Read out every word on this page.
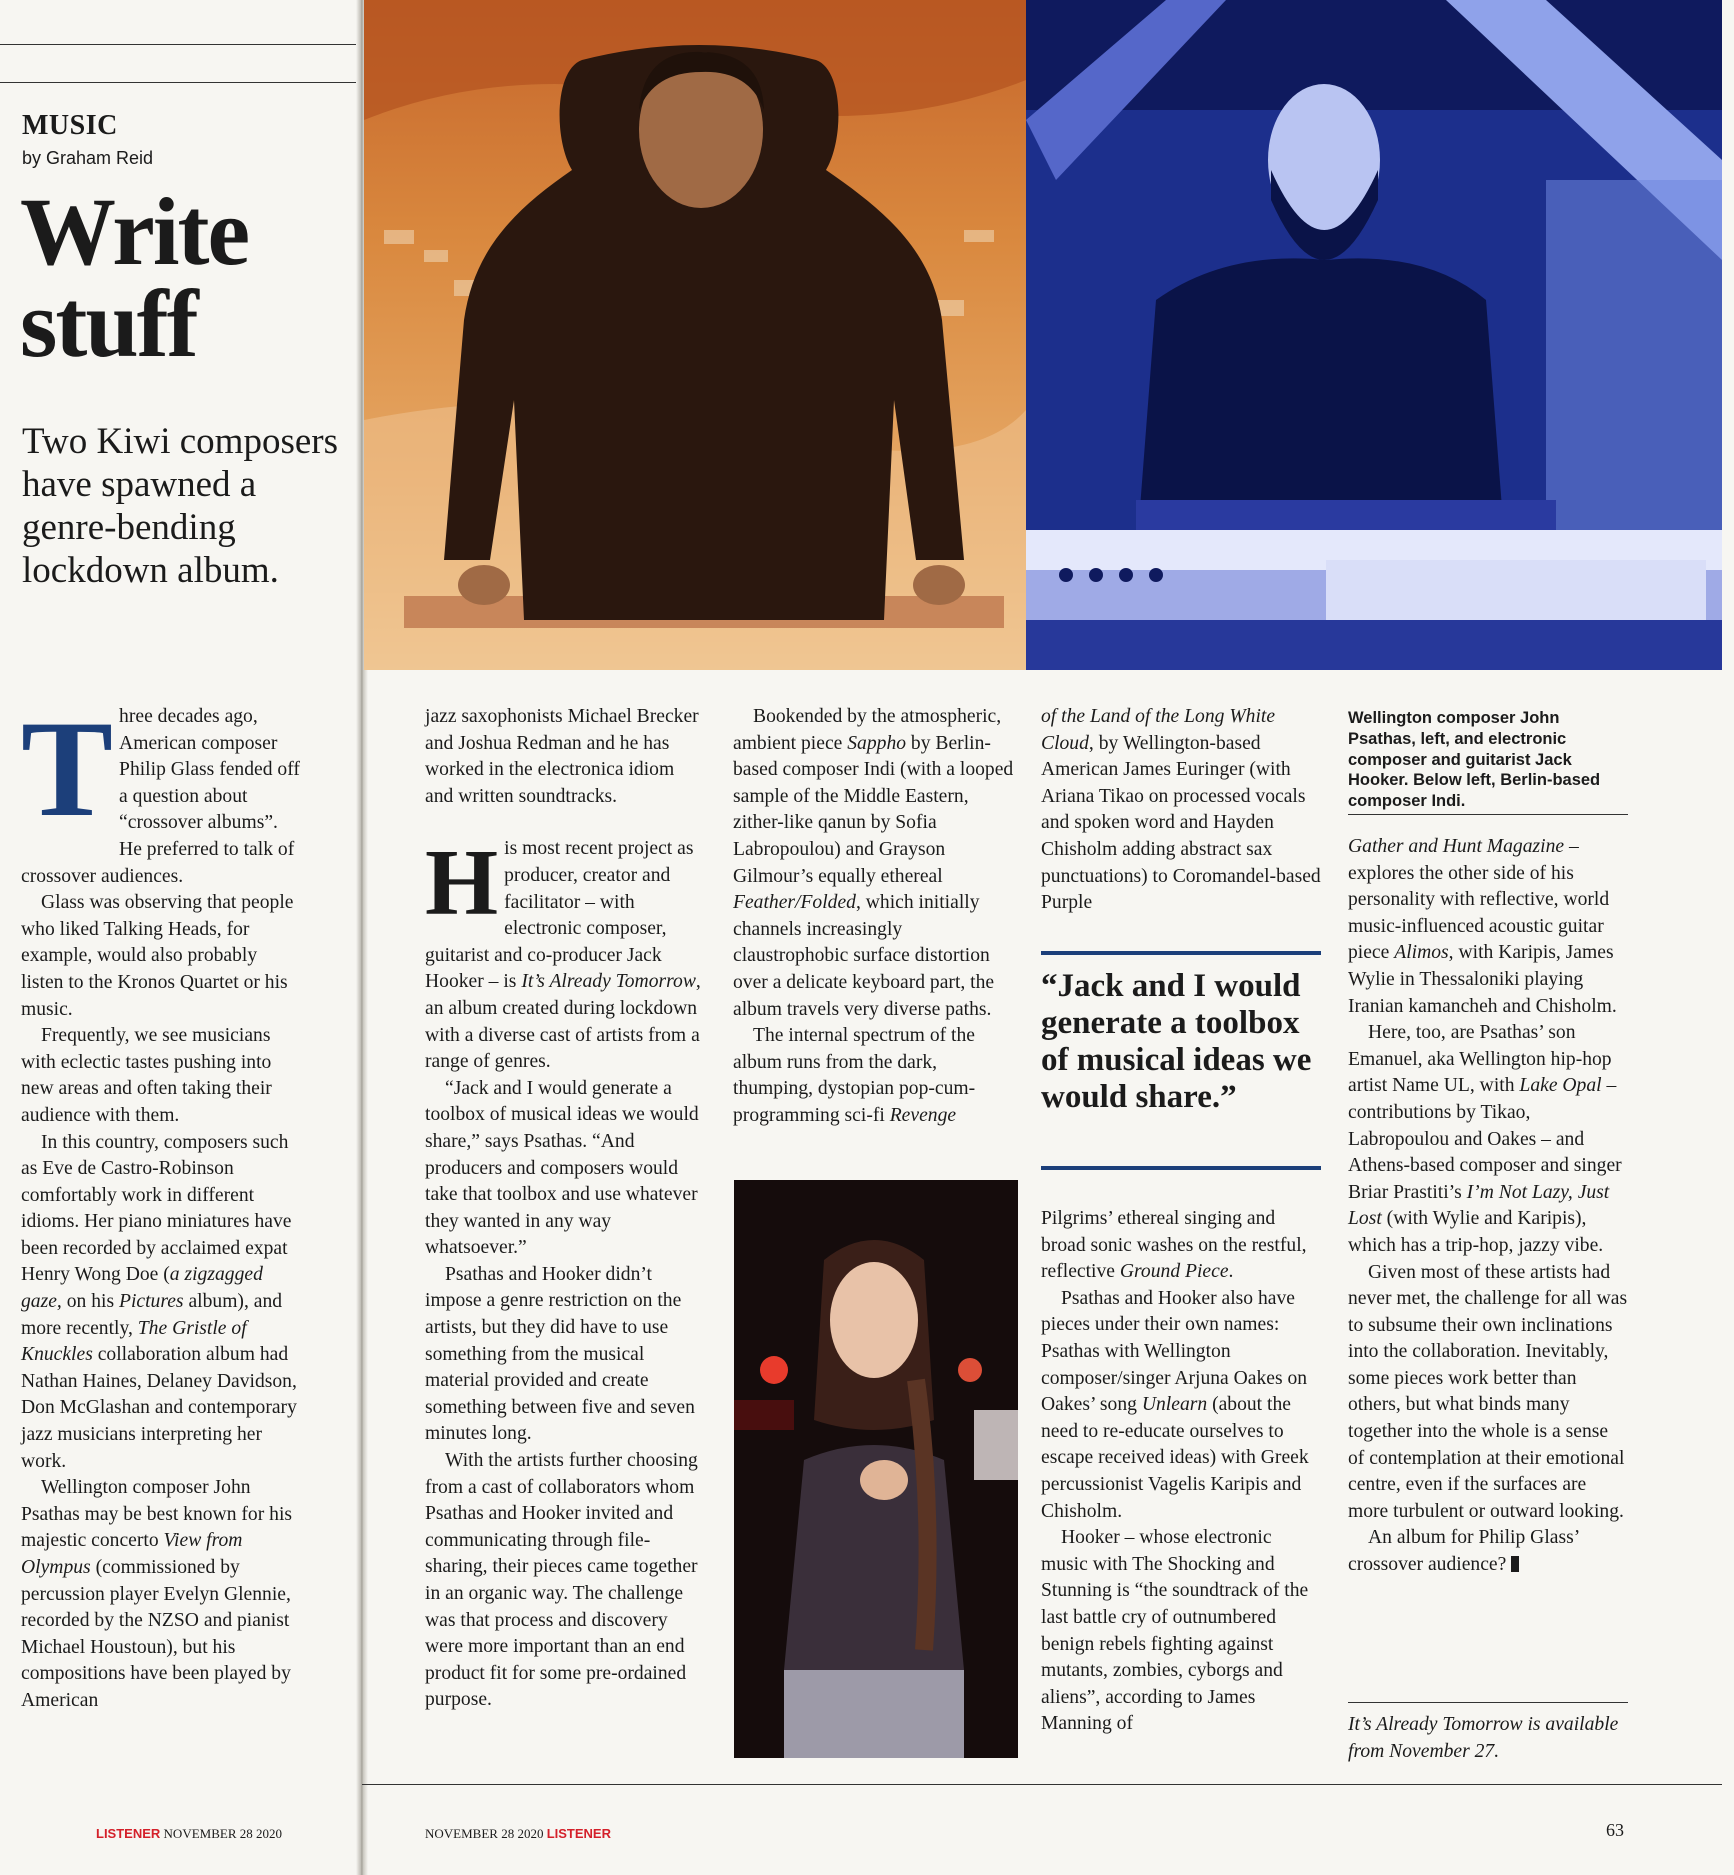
MUSIC
by Graham Reid
Write
stuff
Two Kiwi composers have spawned a genre-bending lockdown album.

Three decades ago, American composer Philip Glass fended off a question about “crossover albums”. He preferred to talk of crossover audiences.

Glass was observing that people who liked Talking Heads, for example, would also probably listen to the Kronos Quartet or his music.

Frequently, we see musicians with eclectic tastes pushing into new areas and often taking their audience with them.

In this country, composers such as Eve de Castro-Robinson comfortably work in different idioms. Her piano miniatures have been recorded by acclaimed expat Henry Wong Doe (a zigzagged gaze, on his Pictures album), and more recently, The Gristle of Knuckles collaboration album had Nathan Haines, Delaney Davidson, Don McGlashan and contemporary jazz musicians interpreting her work.

Wellington composer John Psathas may be best known for his majestic concerto View from Olympus (commissioned by percussion player Evelyn Glennie, recorded by the NZSO and pianist Michael Houstoun), but his compositions have been played by American

LISTENER NOVEMBER 28 2020
Wellington composer John Psathas, left, and electronic composer and guitarist Jack Hooker. Below left, Berlin-based composer Indi.

jazz saxophonists Michael Brecker and Joshua Redman and he has worked in the electronica idiom and written soundtracks.

His most recent project as producer, creator and facilitator – with electronic composer, guitarist and co-producer Jack Hooker – is It’s Already Tomorrow, an album created during lockdown with a diverse cast of artists from a range of genres.

“Jack and I would generate a toolbox of musical ideas we would share,” says Psathas. “And producers and composers would take that toolbox and use whatever they wanted in any way whatsoever.”

Psathas and Hooker didn’t impose a genre restriction on the artists, but they did have to use something from the musical material provided and create something between five and seven minutes long.

With the artists further choosing from a cast of collaborators whom Psathas and Hooker invited and communicating through file-sharing, their pieces came together in an organic way. The challenge was that process and discovery were more important than an end product fit for some pre-ordained purpose.

Bookended by the atmospheric, ambient piece Sappho by Berlin-based composer Indi (with a looped sample of the Middle Eastern, zither-like qanun by Sofia Labropoulou) and Grayson Gilmour’s equally ethereal Feather/Folded, which initially channels increasingly claustrophobic surface distortion over a delicate keyboard part, the album travels very diverse paths.

The internal spectrum of the album runs from the dark, thumping, dystopian pop-cum-programming sci-fi Revenge

of the Land of the Long White Cloud, by Wellington-based American James Euringer (with Ariana Tikao on processed vocals and spoken word and Hayden Chisholm adding abstract sax punctuations) to Coromandel-based Purple

“Jack and I would generate a toolbox of musical ideas we would share.”

Pilgrims’ ethereal singing and broad sonic washes on the restful, reflective Ground Piece.

Psathas and Hooker also have pieces under their own names: Psathas with Wellington composer/singer Arjuna Oakes on Oakes’ song Unlearn (about the need to re-educate ourselves to escape received ideas) with Greek percussionist Vagelis Karipis and Chisholm.

Hooker – whose electronic music with The Shocking and Stunning is “the soundtrack of the last battle cry of outnumbered benign rebels fighting against mutants, zombies, cyborgs and aliens”, according to James Manning of

Gather and Hunt Magazine – explores the other side of his personality with reflective, world music-influenced acoustic guitar piece Alimos, with Karipis, James Wylie in Thessaloniki playing Iranian kamancheh and Chisholm.

Here, too, are Psathas’ son Emanuel, aka Wellington hip-hop artist Name UL, with Lake Opal – contributions by Tikao, Labropoulou and Oakes – and Athens-based composer and singer Briar Prastiti’s I’m Not Lazy, Just Lost (with Wylie and Karipis), which has a trip-hop, jazzy vibe.

Given most of these artists had never met, the challenge for all was to subsume their own inclinations into the collaboration. Inevitably, some pieces work better than others, but what binds many together into the whole is a sense of contemplation at their emotional centre, even if the surfaces are more turbulent or outward looking.

An album for Philip Glass’ crossover audience?

It’s Already Tomorrow is available from November 27.
NOVEMBER 28 2020 LISTENER	63
